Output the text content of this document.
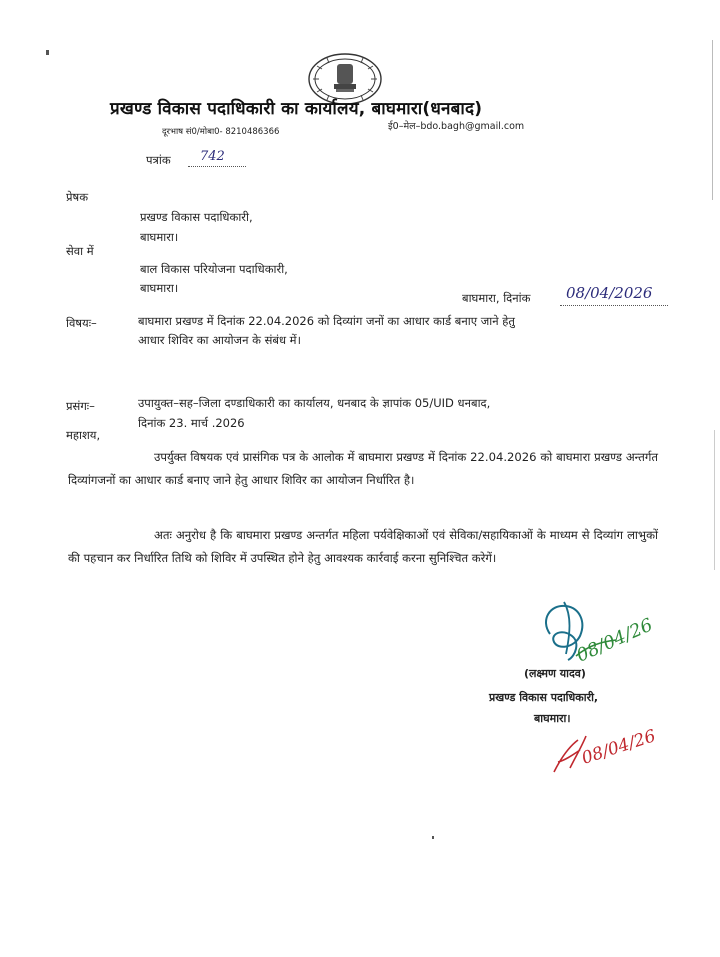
प्रखण्ड विकास पदाधिकारी का कार्यालय, बाघमारा(धनबाद)
दूरभाष सं0/मोबा0- 8210486366	ई0–मेल–bdo.bagh@gmail.com
पत्रांक 742
प्रेषक
प्रखण्ड विकास पदाधिकारी,
बाघमारा।
सेवा में
बाल विकास परियोजना पदाधिकारी,
बाघमारा।
बाघमारा, दिनांक 08/04/2026
विषयः–	बाघमारा प्रखण्ड में दिनांक 22.04.2026 को दिव्यांग जनों का आधार कार्ड बनाए जाने हेतु
आधार शिविर का आयोजन के संबंध में।
प्रसंगः–	उपायुक्त–सह–जिला दण्डाधिकारी का कार्यालय, धनबाद के ज्ञापांक 05/UID धनबाद,
दिनांक 23. मार्च .2026
महाशय,
उपर्युक्त विषयक एवं प्रासंगिक पत्र के आलोक में बाघमारा प्रखण्ड में दिनांक 22.04.2026 को बाघमारा प्रखण्ड अन्तर्गत दिव्यांगजनों का आधार कार्ड बनाए जाने हेतु आधार शिविर का आयोजन निर्धारित है।
अतः अनुरोध है कि बाघमारा प्रखण्ड अन्तर्गत महिला पर्यवेक्षिकाओं एवं सेविका/सहायिकाओं के माध्यम से दिव्यांग लाभुकों की पहचान कर निर्धारित तिथि को शिविर में उपस्थित होने हेतु आवश्यक कार्रवाई करना सुनिश्चित करेगें।
08/04/26
(लक्ष्मण यादव)
प्रखण्ड विकास पदाधिकारी,
बाघमारा।
08/04/26
